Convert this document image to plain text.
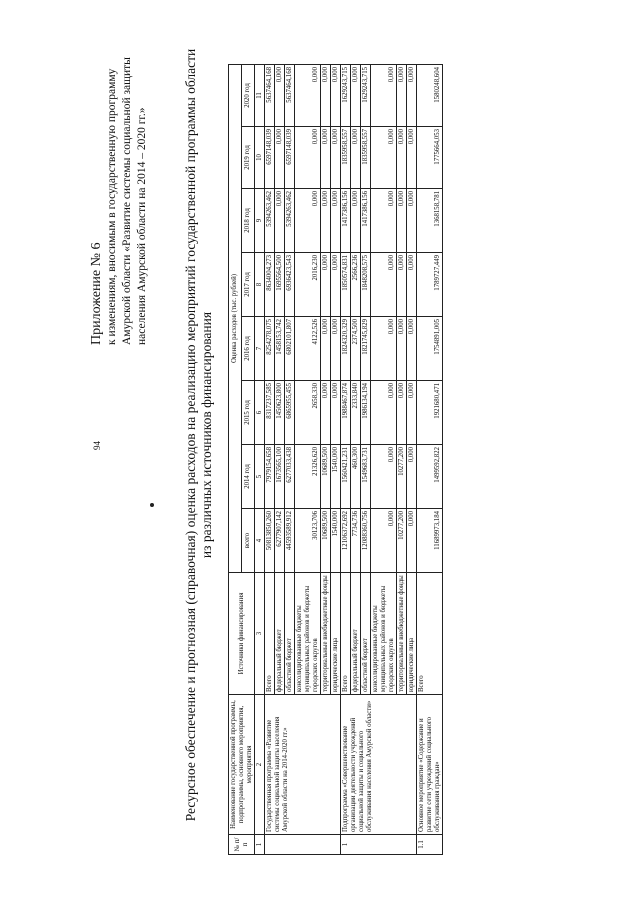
94
Приложение № 6 к изменениям, вносимым в государственную программу Амурской области «Развитие системы социальной защиты населения Амурской области на 2014 – 2020 гг.»	Ресурсное обеспечение и прогнозная (справочная) оценка расходов на реализацию мероприятий государственной программы области из различных источников финансирования
№ п/п	Наименование государственной программы, подпрограммы, основного мероприятия, мероприятия	Источники финансирования	Оценка расходов (тыс. рублей)							
			всего	2014 год	2015 год	2016 год	2017 год	2018 год	2019 год	2020 год
1	2	3	4	5	6	7	8	9	10	11
	Государственная программа «Развитие системы социальной защиты населения Амурской области на 2014-2020 гг.»	Всего	50813850,260	7979154,658	8317237,585	8254278,075	8634004,273	5394263,462	6597148,039	5637464,168
		федеральный бюджет	6277907,142	1673565,100	1450623,800	1458153,742	1695564,500	0,000	0,000	0,000
		областной бюджет	44593589,912	6277033,438	6865955,455	6802101,807	6936423,543	5394263,462	6597148,039	5637464,168
		консолидированные бюджеты муниципальных районов и бюджеты городских округов	30123,706	21326,620	2658,330	4122,526	2016,230	0,000	0,000	0,000
		территориальные внебюджетные фонды	10689,500	10689,500	0,000	0,000	0,000	0,000	0,000	0,000
		юридические лица	1540,000	1540,000	0,000	0,000	0,000	0,000	0,000	0,000
1	Подпрограмма «Совершенствование организации деятельности учреждений социальной защиты и социального обслуживания населения Амурской области»	Всего	12106372,692	1560421,231	1988467,874	1824320,329	1850574,831	1417386,156	1835958,557	1629243,715
		федеральный бюджет	7734,736	460,300	2333,840	2374,500	2566,236	0,000	0,000	0,000
		областной бюджет	12088360,756	1549683,731	1986134,194	1821745,829	1848208,575	1417386,156	1835958,557	1629243,715
		консолидированные бюджеты муниципальных районов и бюджеты городских округов	0,000	0,000	0,000	0,000	0,000	0,000	0,000	0,000
		территориальные внебюджетные фонды	10277,200	10277,200	0,000	0,000	0,000	0,000	0,000	0,000
		юридические лица	0,000	0,000	0,000	0,000	0,000	0,000	0,000	0,000
1.1	Основное мероприятие «Содержание и развитие сети учреждений социального обслуживания граждан»	Всего	11689973,184	1499592,822	1921680,471	1754891,005	1789727,449	1368158,781	1775664,053	1580248,604
